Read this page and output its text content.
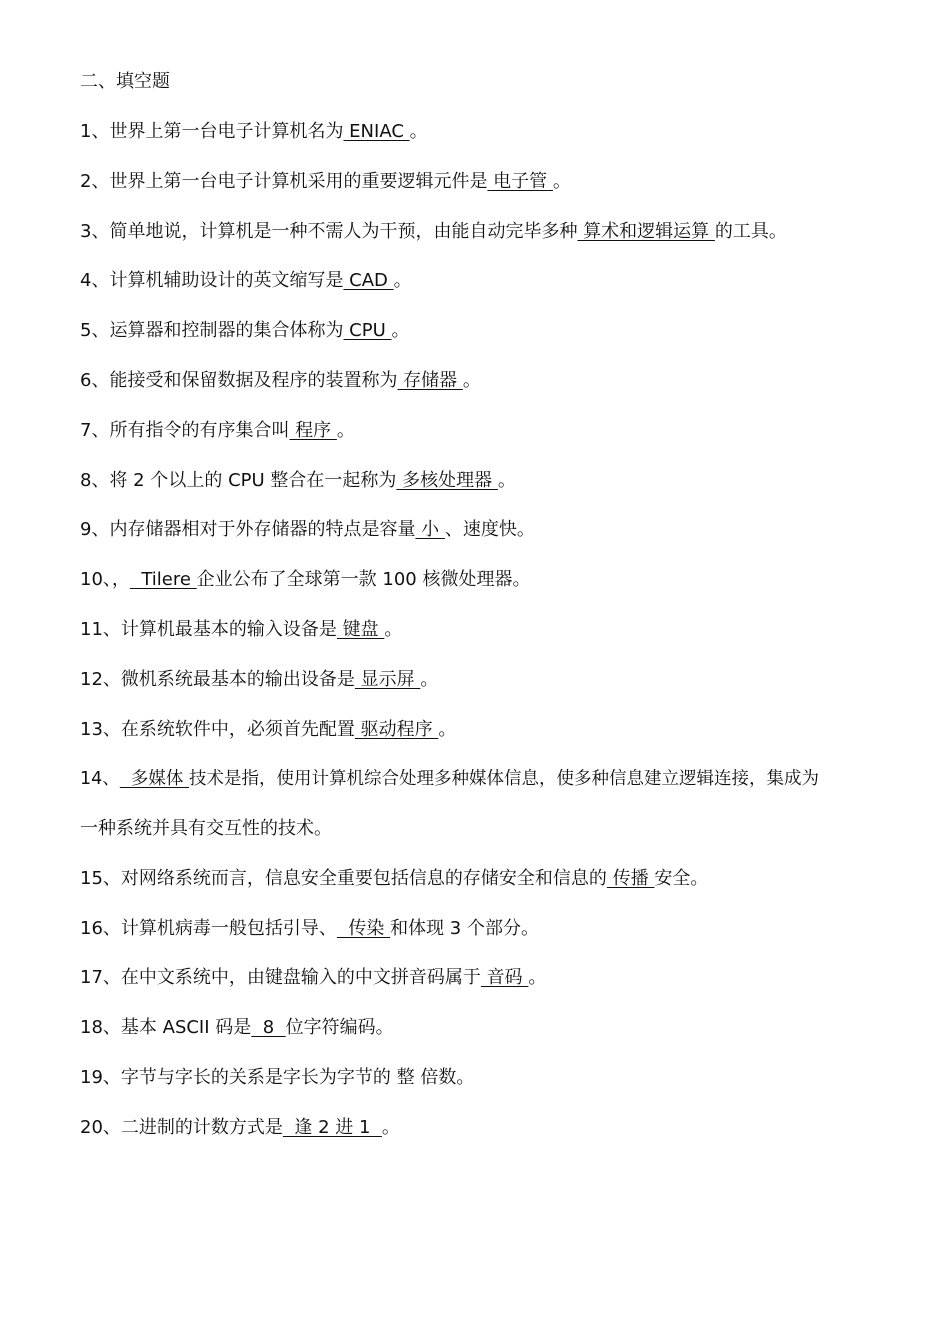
二、填空题
1、世界上第一台电子计算机名为 ENIAC 。
2、世界上第一台电子计算机采用的重要逻辑元件是 电子管 。
3、简单地说，计算机是一种不需人为干预，由能自动完毕多种 算术和逻辑运算 的工具。
4、计算机辅助设计的英文缩写是 CAD 。
5、运算器和控制器的集合体称为 CPU 。
6、能接受和保留数据及程序的装置称为 存储器 。
7、所有指令的有序集合叫 程序 。
8、将 2 个以上的 CPU 整合在一起称为 多核处理器 。
9、内存储器相对于外存储器的特点是容量 小 、速度快。
10、，  Tilere 企业公布了全球第一款 100 核微处理器。
11、计算机最基本的输入设备是 键盘 。
12、微机系统最基本的输出设备是 显示屏 。
13、在系统软件中，必须首先配置 驱动程序 。
14、  多媒体 技术是指，使用计算机综合处理多种媒体信息，使多种信息建立逻辑连接，集成为
一种系统并具有交互性的技术。
15、对网络系统而言，信息安全重要包括信息的存储安全和信息的 传播 安全。
16、计算机病毒一般包括引导、  传染 和体现 3 个部分。
17、在中文系统中，由键盘输入的中文拼音码属于 音码 。
18、基本 ASCII 码是  8  位字符编码。
19、字节与字长的关系是字长为字节的 整 倍数。
20、二进制的计数方式是  逢 2 进 1  。
